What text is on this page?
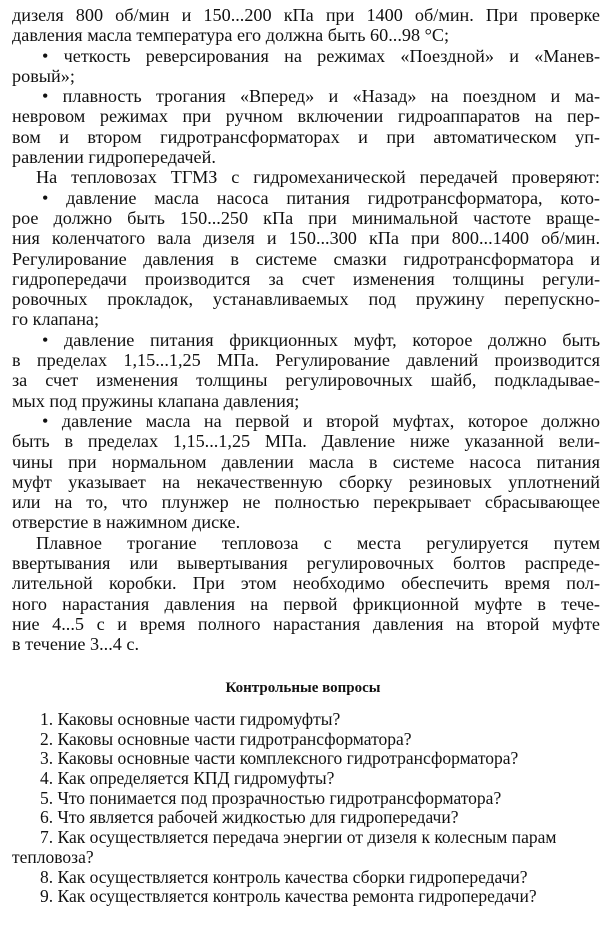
дизеля 800 об/мин и 150...200 кПа при 1400 об/мин. При проверке
давления масла температура его должна быть 60...98 °С;
• четкость реверсирования на режимах «Поездной» и «Манев-
ровый»;
• плавность трогания «Вперед» и «Назад» на поездном и ма-
невровом режимах при ручном включении гидроаппаратов на пер-
вом и втором гидротрансформаторах и при автоматическом уп-
равлении гидропередачей.
На тепловозах ТГМЗ с гидромеханической передачей проверяют:
• давление масла насоса питания гидротрансформатора, кото-
рое должно быть 150...250 кПа при минимальной частоте враще-
ния коленчатого вала дизеля и 150...300 кПа при 800...1400 об/мин.
Регулирование давления в системе смазки гидротрансформатора и
гидропередачи производится за счет изменения толщины регули-
ровочных прокладок, устанавливаемых под пружину перепускно-
го клапана;
• давление питания фрикционных муфт, которое должно быть
в пределах 1,15...1,25 МПа. Регулирование давлений производится
за счет изменения толщины регулировочных шайб, подкладывае-
мых под пружины клапана давления;
• давление масла на первой и второй муфтах, которое должно
быть в пределах 1,15...1,25 МПа. Давление ниже указанной вели-
чины при нормальном давлении масла в системе насоса питания
муфт указывает на некачественную сборку резиновых уплотнений
или на то, что плунжер не полностью перекрывает сбрасывающее
отверстие в нажимном диске.
Плавное трогание тепловоза с места регулируется путем
ввертывания или вывертывания регулировочных болтов распреде-
лительной коробки. При этом необходимо обеспечить время пол-
ного нарастания давления на первой фрикционной муфте в тече-
ние 4...5 с и время полного нарастания давления на второй муфте
в течение 3...4 с.
Контрольные вопросы
1. Каковы основные части гидромуфты?
2. Каковы основные части гидротрансформатора?
3. Каковы основные части комплексного гидротрансформатора?
4. Как определяется КПД гидромуфты?
5. Что понимается под прозрачностью гидротрансформатора?
6. Что является рабочей жидкостью для гидропередачи?
7. Как осуществляется передача энергии от дизеля к колесным парам
тепловоза?
8. Как осуществляется контроль качества сборки гидропередачи?
9. Как осуществляется контроль качества ремонта гидропередачи?
